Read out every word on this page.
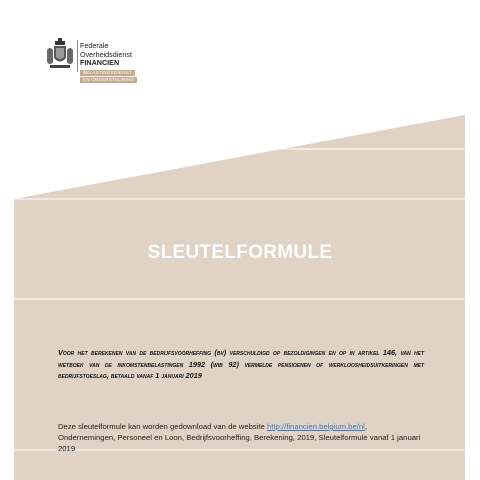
Federale
Overheidsdienst
FINANCIEN
BELASTINGSDIENST
EN ONDERSTEUNING
SLEUTELFORMULE
Voor het berekenen van de bedrijfsvoorheffing (bv) verschuldigd op bezoldigingen en op in artikel 146, van het wetboek van de inkomstenbelastingen 1992 (wib 92) vermelde pensioenen of werkloosheidsuitkeringen met bedrijfstoeslag, betaald vanaf 1 januari 2019
Deze sleutelformule kan worden gedownload van de website http://financien.belgium.be/nl, Ondernemingen, Personeel en Loon, Bedrijfsvoorheffing, Berekening, 2019, Sleutelformule vanaf 1 januari 2019
